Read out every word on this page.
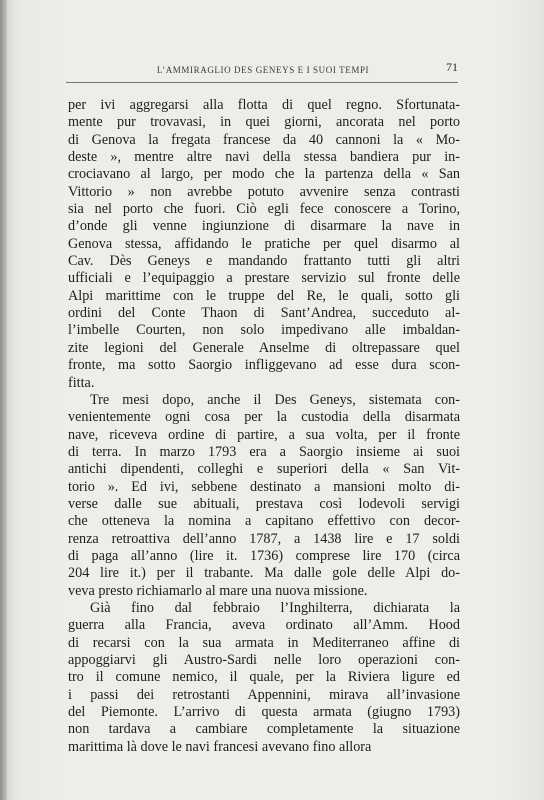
L’AMMIRAGLIO DES GENEYS E I SUOI TEMPI	71
per ivi aggregarsi alla flotta di quel regno. Sfortunata-
mente pur trovavasi, in quei giorni, ancorata nel porto
di Genova la fregata francese da 40 cannoni la « Mo-
deste », mentre altre navi della stessa bandiera pur in-
crociavano al largo, per modo che la partenza della « San
Vittorio » non avrebbe potuto avvenire senza contrasti
sia nel porto che fuori. Ciò egli fece conoscere a Torino,
d’onde gli venne ingiunzione di disarmare la nave in
Genova stessa, affidando le pratiche per quel disarmo al
Cav. Dès Geneys e mandando frattanto tutti gli altri
ufficiali e l’equipaggio a prestare servizio sul fronte delle
Alpi marittime con le truppe del Re, le quali, sotto gli
ordini del Conte Thaon di Sant’Andrea, succeduto al-
l’imbelle Courten, non solo impedivano alle imbaldan-
zite legioni del Generale Anselme di oltrepassare quel
fronte, ma sotto Saorgio infliggevano ad esse dura scon-
fitta.
Tre mesi dopo, anche il Des Geneys, sistemata con-
venientemente ogni cosa per la custodia della disarmata
nave, riceveva ordine di partire, a sua volta, per il fronte
di terra. In marzo 1793 era a Saorgio insieme ai suoi
antichi dipendenti, colleghi e superiori della « San Vit-
torio ». Ed ivi, sebbene destinato a mansioni molto di-
verse dalle sue abituali, prestava così lodevoli servigi
che otteneva la nomina a capitano effettivo con decor-
renza retroattiva dell’anno 1787, a 1438 lire e 17 soldi
di paga all’anno (lire it. 1736) comprese lire 170 (circa
204 lire it.) per il trabante. Ma dalle gole delle Alpi do-
veva presto richiamarlo al mare una nuova missione.
Già fino dal febbraio l’Inghilterra, dichiarata la
guerra alla Francia, aveva ordinato all’Amm. Hood
di recarsi con la sua armata in Mediterraneo affine di
appoggiarvi gli Austro-Sardi nelle loro operazioni con-
tro il comune nemico, il quale, per la Riviera ligure ed
i passi dei retrostanti Appennini, mirava all’invasione
del Piemonte. L’arrivo di questa armata (giugno 1793)
non tardava a cambiare completamente la situazione
marittima là dove le navi francesi avevano fino allora
